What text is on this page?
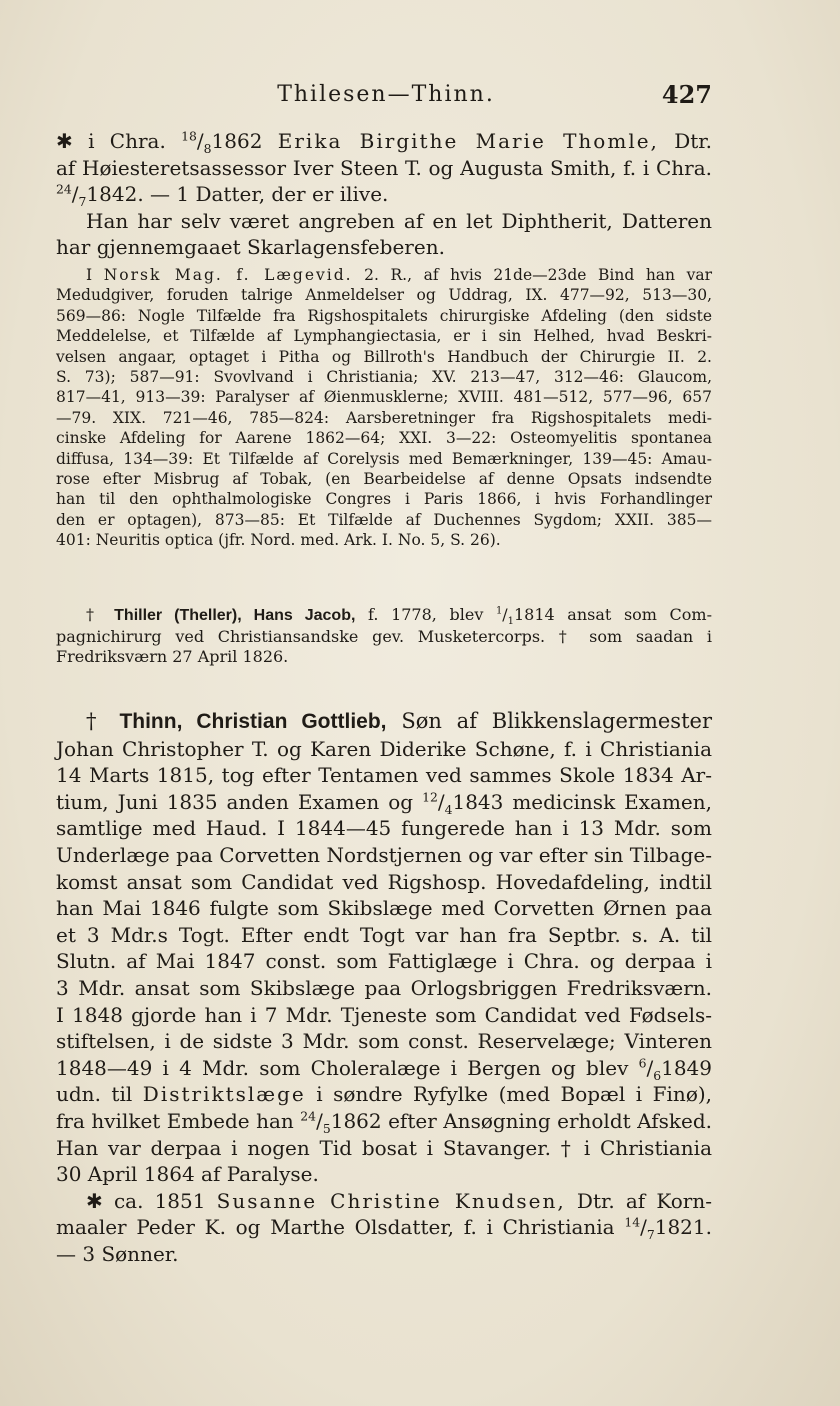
Thilesen—Thinn.	427
✱ i Chra. $^{18}/_81862$ Erika Birgithe Marie Thomle, Dtr.
af Høiesteretsassessor Iver Steen T. og Augusta Smith, f. i Chra.
$^{24}/_71842$. — 1 Datter, der er ilive.
Han har selv været angreben af en let Diphtherit, Datteren
har gjennemgaaet Skarlagensfeberen.
I Norsk Mag. f. Lægevid. 2. R., af hvis 21de—23de Bind han var
Medudgiver, foruden talrige Anmeldelser og Uddrag, IX. 477—92, 513—30,
569—86: Nogle Tilfælde fra Rigshospitalets chirurgiske Afdeling (den sidste
Meddelelse, et Tilfælde af Lymphangiectasia, er i sin Helhed, hvad Beskri-
velsen angaar, optaget i Pitha og Billroth's Handbuch der Chirurgie II. 2.
S. 73); 587—91: Svovlvand i Christiania; XV. 213—47, 312—46: Glaucom,
817—41, 913—39: Paralyser af Øienmusklerne; XVIII. 481—512, 577—96, 657
—79. XIX. 721—46, 785—824: Aarsberetninger fra Rigshospitalets medi-
cinske Afdeling for Aarene 1862—64; XXI. 3—22: Osteomyelitis spontanea
diffusa, 134—39: Et Tilfælde af Corelysis med Bemærkninger, 139—45: Amau-
rose efter Misbrug af Tobak, (en Bearbeidelse af denne Opsats indsendte
han til den ophthalmologiske Congres i Paris 1866, i hvis Forhandlinger
den er optagen), 873—85: Et Tilfælde af Duchennes Sygdom; XXII. 385—
401: Neuritis optica (jfr. Nord. med. Ark. I. No. 5, S. 26).
† Thiller (Theller), Hans Jacob, f. 1778, blev $^1/_11814$ ansat som Com-
pagnichirurg ved Christiansandske gev. Musketercorps. † som saadan i
Fredriksværn 27 April 1826.
† Thinn, Christian Gottlieb, Søn af Blikkenslagermester
Johan Christopher T. og Karen Diderike Schøne, f. i Christiania
14 Marts 1815, tog efter Tentamen ved sammes Skole 1834 Ar-
tium, Juni 1835 anden Examen og $^{12}/_41843$ medicinsk Examen,
samtlige med Haud. I 1844—45 fungerede han i 13 Mdr. som
Underlæge paa Corvetten Nordstjernen og var efter sin Tilbage-
komst ansat som Candidat ved Rigshosp. Hovedafdeling, indtil
han Mai 1846 fulgte som Skibslæge med Corvetten Ørnen paa
et 3 Mdr.s Togt. Efter endt Togt var han fra Septbr. s. A. til
Slutn. af Mai 1847 const. som Fattiglæge i Chra. og derpaa i
3 Mdr. ansat som Skibslæge paa Orlogsbriggen Fredriksværn.
I 1848 gjorde han i 7 Mdr. Tjeneste som Candidat ved Fødsels-
stiftelsen, i de sidste 3 Mdr. som const. Reservelæge; Vinteren
1848—49 i 4 Mdr. som Choleralæge i Bergen og blev $^6/_61849$
udn. til Distriktslæge i søndre Ryfylke (med Bopæl i Finø),
fra hvilket Embede han $^{24}/_51862$ efter Ansøgning erholdt Afsked.
Han var derpaa i nogen Tid bosat i Stavanger. † i Christiania
30 April 1864 af Paralyse.
✱ ca. 1851 Susanne Christine Knudsen, Dtr. af Korn-
maaler Peder K. og Marthe Olsdatter, f. i Christiania $^{14}/_71821$.
— 3 Sønner.
